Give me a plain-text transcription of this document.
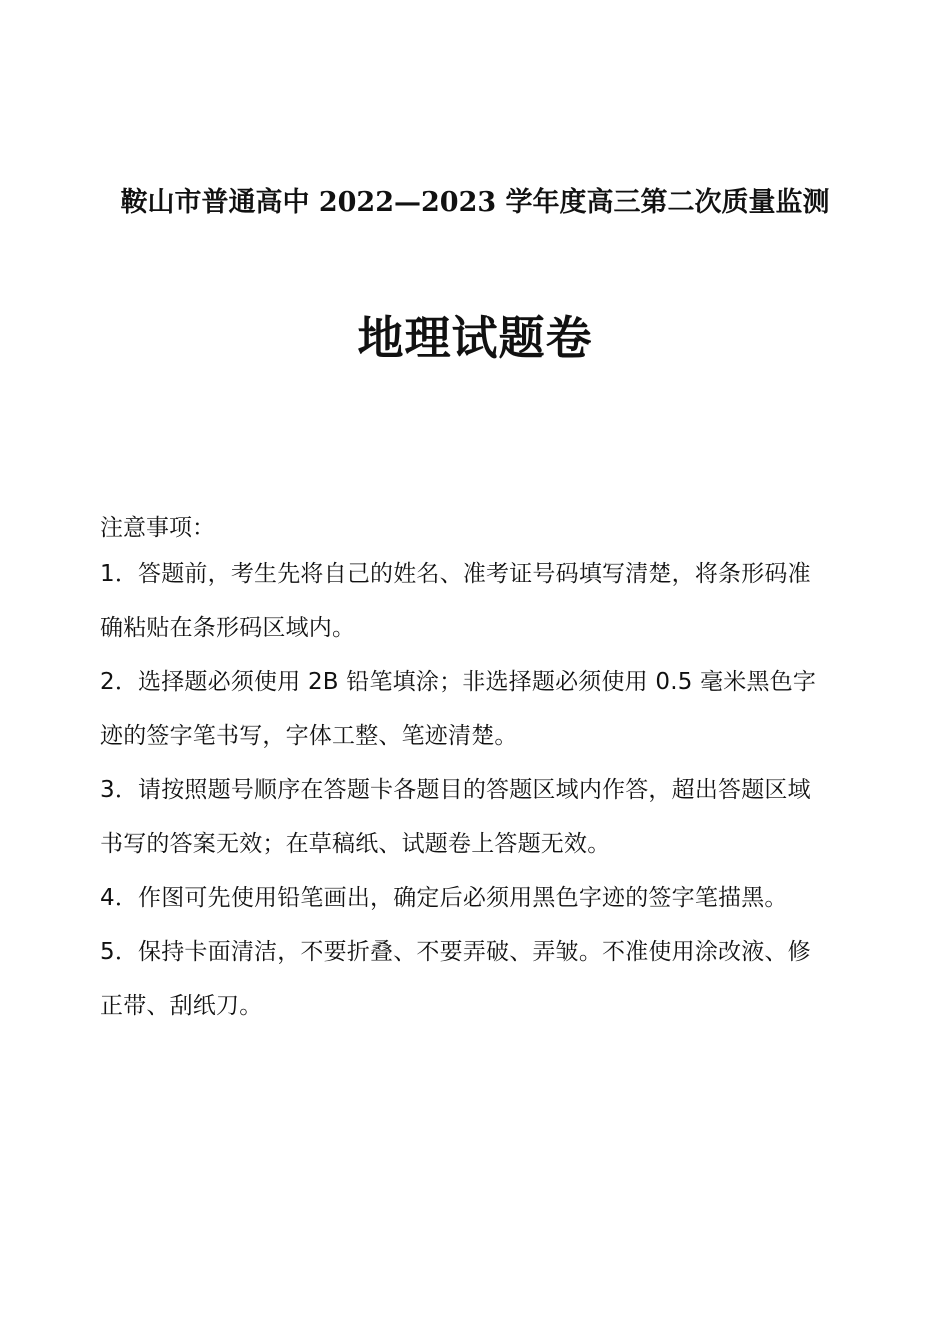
鞍山市普通高中 2022—2023 学年度高三第二次质量监测
地理试题卷

注意事项：

1．答题前，考生先将自己的姓名、准考证号码填写清楚，将条形码准
确粘贴在条形码区域内。
2．选择题必须使用 2B 铅笔填涂；非选择题必须使用 0.5 毫米黑色字
迹的签字笔书写，字体工整、笔迹清楚。
3．请按照题号顺序在答题卡各题目的答题区域内作答，超出答题区域
书写的答案无效；在草稿纸、试题卷上答题无效。
4．作图可先使用铅笔画出，确定后必须用黑色字迹的签字笔描黑。
5．保持卡面清洁，不要折叠、不要弄破、弄皱。不准使用涂改液、修
正带、刮纸刀。
